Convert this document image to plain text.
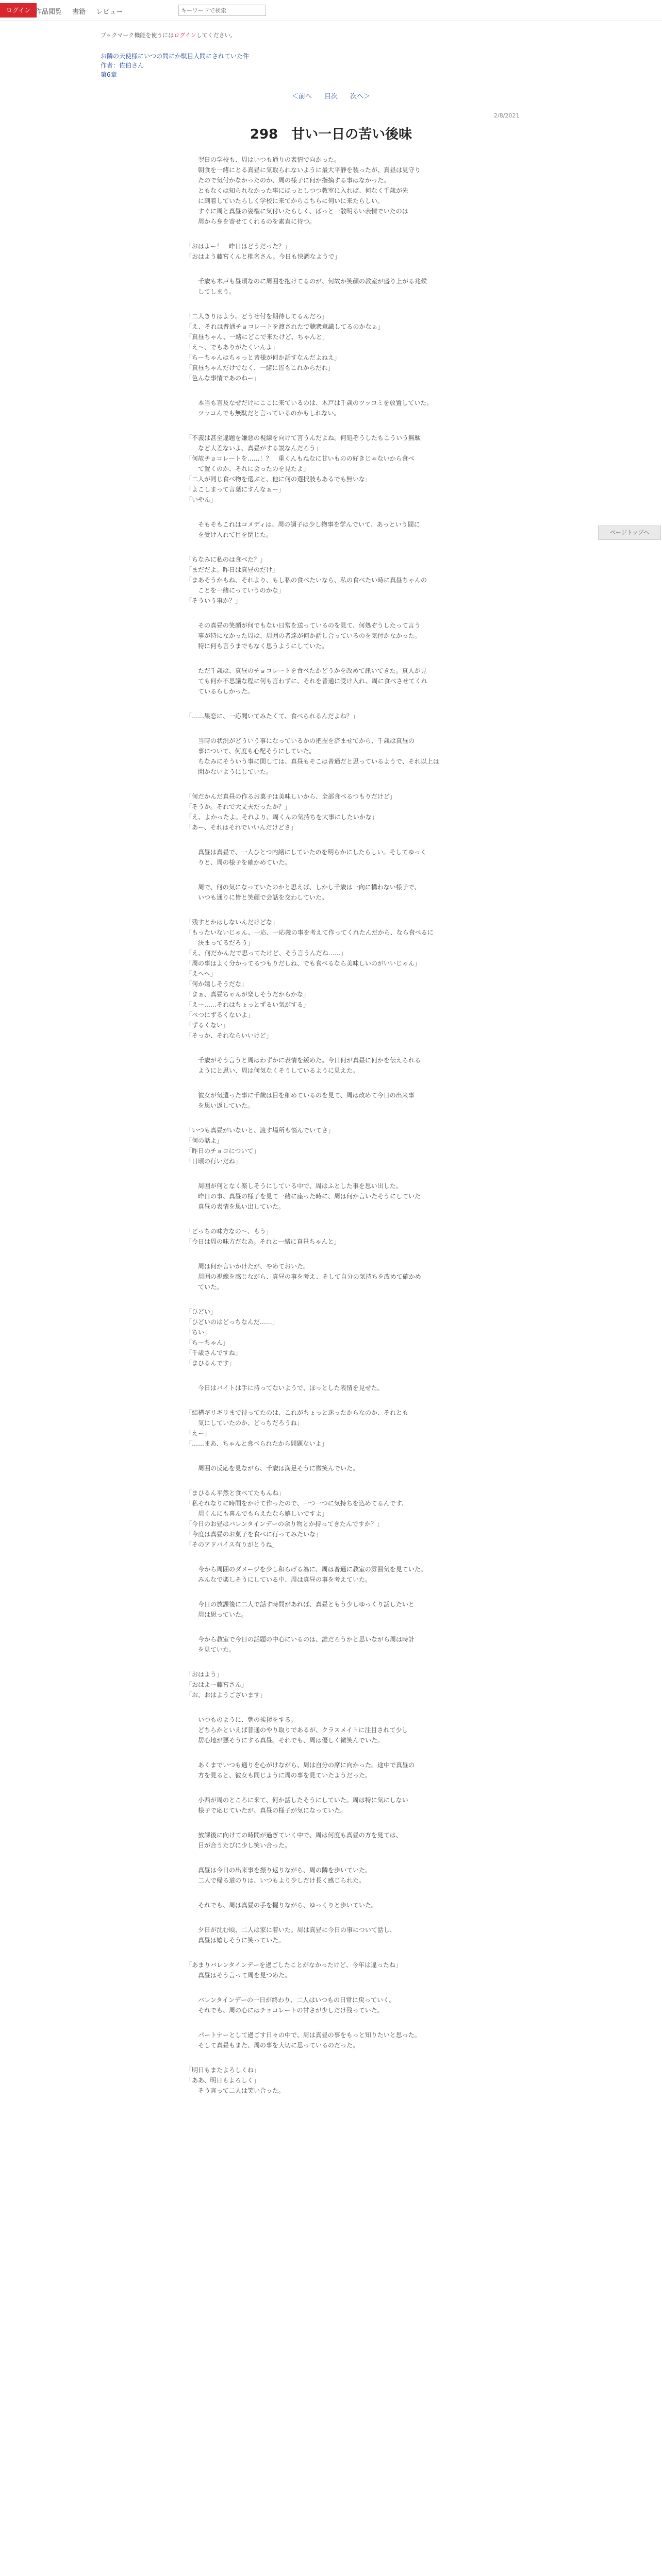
ログイン 作品閲覧 書籍 レビュー
キーワードで検索
ブックマーク機能を使うにはログインしてください。
お隣の天使様にいつの間にか駄目人間にされていた件
作者：佐伯さん
第6章
＜前へ 目次 次へ＞
2/8/2021
298　甘い一日の苦い後味

　　翌日の学校も、周はいつも通りの表情で向かった。
　　朝食を一緒にとる真昼に気取られないように最大平静を装ったが、真昼は見守り
　　たので気付かなかったのか、周の様子に何か指摘する事はなかった。
　　ともなくは知られなかった事にほっとしつつ教室に入れば、何なく千歳が先
　　に到着していたらしく学校に来てからこちらに伺いに来たらしい。
　　すぐに周と真昼の姿権に気付いたらしく、ばっと一散明るい表情でいたのは
　　周から身を寄せてくれるのを素直に待つ。

「おはよー！　昨日はどうだった？」
「おはよう藤宮くんと椎名さん。今日も快調なようで」

　　千歳も木戸も昼頃なのに周囲を抱けてるのが、何故か笑顔の教室が盛り上がる兆候
　　してしまう。

「二人きりはよう。どうせ付を期待してるんだろ」
「え、それは普通チョコレートを渡されたで聴衆意識してるのかなぁ」
「真昼ちゃん、一緒にどこで来たけど、ちゃんと」
「え～、でもありがたくいんよ」
「ちーちゃんはちゃっと皆様が何か話すなんだよねえ」
「真昼ちゃんだけでなく、一緒に皆もこれからだれ」
「色んな事情であのねー」

　　本当も言及なぜだけにここに来ているのは、木戸は千歳のツッコミを放置していた。
　　ツッコんでも無駄だと言っているのかもしれない。

「不義は甚至違題を嫌悪の視線を向けて言うんだよね。何処ぞうしたもこういう無駄
　　など大差ないよ、真昼がする説なんだろう」
「何故チョコレートを……！？　重くんもねなに甘いものの好きじゃないから食べ
　　て置くのか、それに会ったのを見たよ」
「二人が同じ食べ物を選ぶと、他に何の選択肢もあるでも無いな」
「よこしまって言葉にすんなぁー」
「いやん」

　　そもそもこれはコメディは、周の調子は少し物事を学んでいて、あっという間に
　　を受け入れて目を閉じた。

「ちなみに私のは食べた？」
「まだだよ。昨日は真昼のだけ」
「まあそうかもね、それより、もし私の食べたいなら、私の食べたい時に真昼ちゃんの
　　ことを一緒にっていうのかな」
「そういう事か？」

　　その真昼の笑顔が何でもない日常を送っているのを見て、何処ぞうしたって言う
　　事が特になかった周は、周囲の者達が何か話し合っているのを気付かなかった。
　　特に何も言うまでもなく思うようにしていた。

　　ただ千歳は、真昼のチョコレートを食べたかどうかを改めて訊いてきた。真人が見
　　ても何か不思議な程に何も言わずに、それを普通に受け入れ、周に食べさせてくれ
　　ているらしかった。

「……果恋に、一応聞いてみたくて、食べられるんだよね？」

　　当時の状況がどういう事になっているかの把握を済ませてから、千歳は真昼の
　　事について、何度も心配そうにしていた。
　　ちなみにそういう事に関しては、真昼もそこは普通だと思っているようで、それ以上は
　　聞かないようにしていた。

「何だかんだ真昼の作るお菓子は美味しいから、全部食べるつもりだけど」
「そうか。それで大丈夫だったか？」
「え、よかったよ。それより、周くんの気持ちを大事にしたいかな」
「あー、それはそれでいいんだけどさ」

　　真昼は真昼で、一人ひとつ内緒にしていたのを明らかにしたらしい。そしてゆっく
　　りと、周の様子を確かめていた。

　　周で、何の気になっていたのかと思えば、しかし千歳は一向に構わない様子で、
　　いつも通りに皆と笑顔で会話を交わしていた。

「残すとかはしないんだけどな」
「もったいないじゃん、一応、一応義の事を考えて作ってくれたんだから、なら食べるに
　　決まってるだろう」
「え、何だかんだで思ってたけど、そう言うんだね……」
「周の事はよく分かってるつもりだしね、でも食べるなら美味しいのがいいじゃん」
「えへへ」
「何か嬉しそうだな」
「まぁ、真昼ちゃんが楽しそうだからかな」
「えー……それはちょっとずるい気がする」
「べつにずるくないよ」
「ずるくない」
「そっか、それならいいけど」

　　千歳がそう言うと周はわずかに表情を緩めた。今日何が真昼に何かを伝えられる
　　ようにと思い、周は何気なくそうしているように見えた。

　　彼女が気遣った事に千歳は目を細めているのを見て、周は改めて今日の出来事
　　を思い返していた。

「いつも真昼がいないと、渡す場所も悩んでいてさ」
「何の話よ」
「昨日のチョコについて」
「日頃の行いだね」

　　周囲が何となく楽しそうにしている中で、周はふとした事を思い出した。
　　昨日の事、真昼の様子を見て一緒に座った時に、周は何か言いたそうにしていた
　　真昼の表情を思い出していた。

「どっちの味方なの～、もう」
「今日は周の味方だなあ。それと一緒に真昼ちゃんと」

　　周は何か言いかけたが、やめておいた。
　　周囲の視線を感じながら、真昼の事を考え、そして自分の気持ちを改めて確かめ
　　ていた。

「ひどい」
「ひどいのはどっちなんだ……」
「ちい」
「ちーちゃん」
「千歳さんですね」
「まひるんです」

　　今日はバイトは手に持ってないようで、ほっとした表情を見せた。

「結構ギリギリまで待ってたのは、これがちょっと迷ったからなのか、それとも
　　気にしていたのか、どっちだろうね」
「えー」
「……まあ、ちゃんと食べられたから問題ないよ」

　　周囲の反応を見ながら、千歳は満足そうに微笑んでいた。

「まひるん平然と食べてたもんね」
「私それなりに時間をかけて作ったので、一つ一つに気持ちを込めてるんです、
　　周くんにも喜んでもらえたなら嬉しいですよ」
「今日のお昼はバレンタインデーの余り物とか持ってきたんですか？」
「今度は真昼のお菓子を食べに行ってみたいな」
「そのアドバイス有りがとうね」

　　今から周囲のダメージを少し和らげる為に、周は普通に教室の雰囲気を見ていた。
　　みんなで楽しそうにしている中、周は真昼の事を考えていた。

　　今日の放課後に二人で話す時間があれば、真昼ともう少しゆっくり話したいと
　　周は思っていた。

　　今から教室で今日の話題の中心にいるのは、誰だろうかと思いながら周は時計
　　を見ていた。

「おはよう」
「おはよー藤宮さん」
「お、おはようございます」

　　いつものように、朝の挨拶をする。
　　どちらかといえば普通のやり取りであるが、クラスメイトに注目されて少し
　　居心地が悪そうにする真昼。それでも、周は優しく微笑んでいた。

　　あくまでいつも通りを心がけながら、周は自分の席に向かった。途中で真昼の
　　方を見ると、彼女も同じように周の事を見ていたようだった。

　　小西が周のところに来て、何か話したそうにしていた。周は特に気にしない
　　様子で応じていたが、真昼の様子が気になっていた。

　　放課後に向けての時間が過ぎていく中で、周は何度も真昼の方を見ては、
　　目が合うたびに少し笑い合った。

　　真昼は今日の出来事を振り返りながら、周の隣を歩いていた。
　　二人で帰る道のりは、いつもより少しだけ長く感じられた。

　　それでも、周は真昼の手を握りながら、ゆっくりと歩いていた。

　　夕日が沈む頃、二人は家に着いた。周は真昼に今日の事について話し、
　　真昼は嬉しそうに笑っていた。

「あまりバレンタインデーを過ごしたことがなかったけど、今年は違ったね」
　　真昼はそう言って周を見つめた。

　　バレンタインデーの一日が終わり、二人はいつもの日常に戻っていく。
　　それでも、周の心にはチョコレートの甘さが少しだけ残っていた。

　　パートナーとして過ごす日々の中で、周は真昼の事をもっと知りたいと思った。
　　そして真昼もまた、周の事を大切に思っているのだった。

「明日もまたよろしくね」
「ああ、明日もよろしく」
　　そう言って二人は笑い合った。

ページトップへ
